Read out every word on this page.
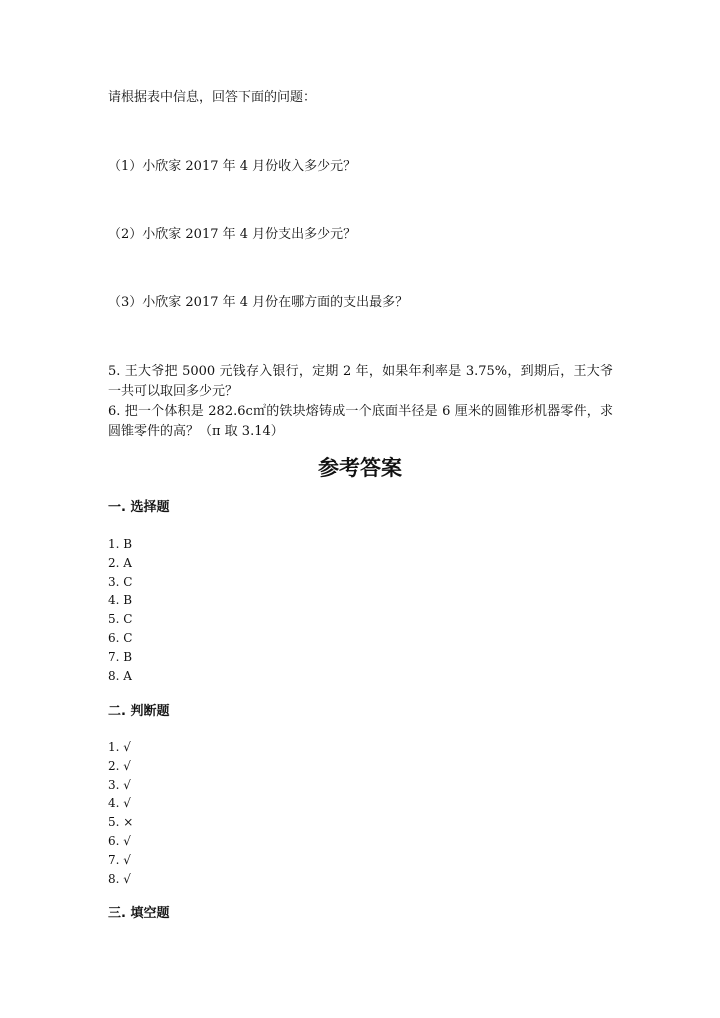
请根据表中信息，回答下面的问题：
（1）小欣家 2017 年 4 月份收入多少元？
（2）小欣家 2017 年 4 月份支出多少元？
（3）小欣家 2017 年 4 月份在哪方面的支出最多？
5. 王大爷把 5000 元钱存入银行，定期 2 年，如果年利率是 3.75%，到期后，王大爷一共可以取回多少元？
6. 把一个体积是 282.6c㎡的铁块熔铸成一个底面半径是 6 厘米的圆锥形机器零件，求圆锥零件的高？（π 取 3.14）
参考答案
一. 选择题
1. B
2. A
3. C
4. B
5. C
6. C
7. B
8. A
二. 判断题
1. √
2. √
3. √
4. √
5. ×
6. √
7. √
8. √
三. 填空题
